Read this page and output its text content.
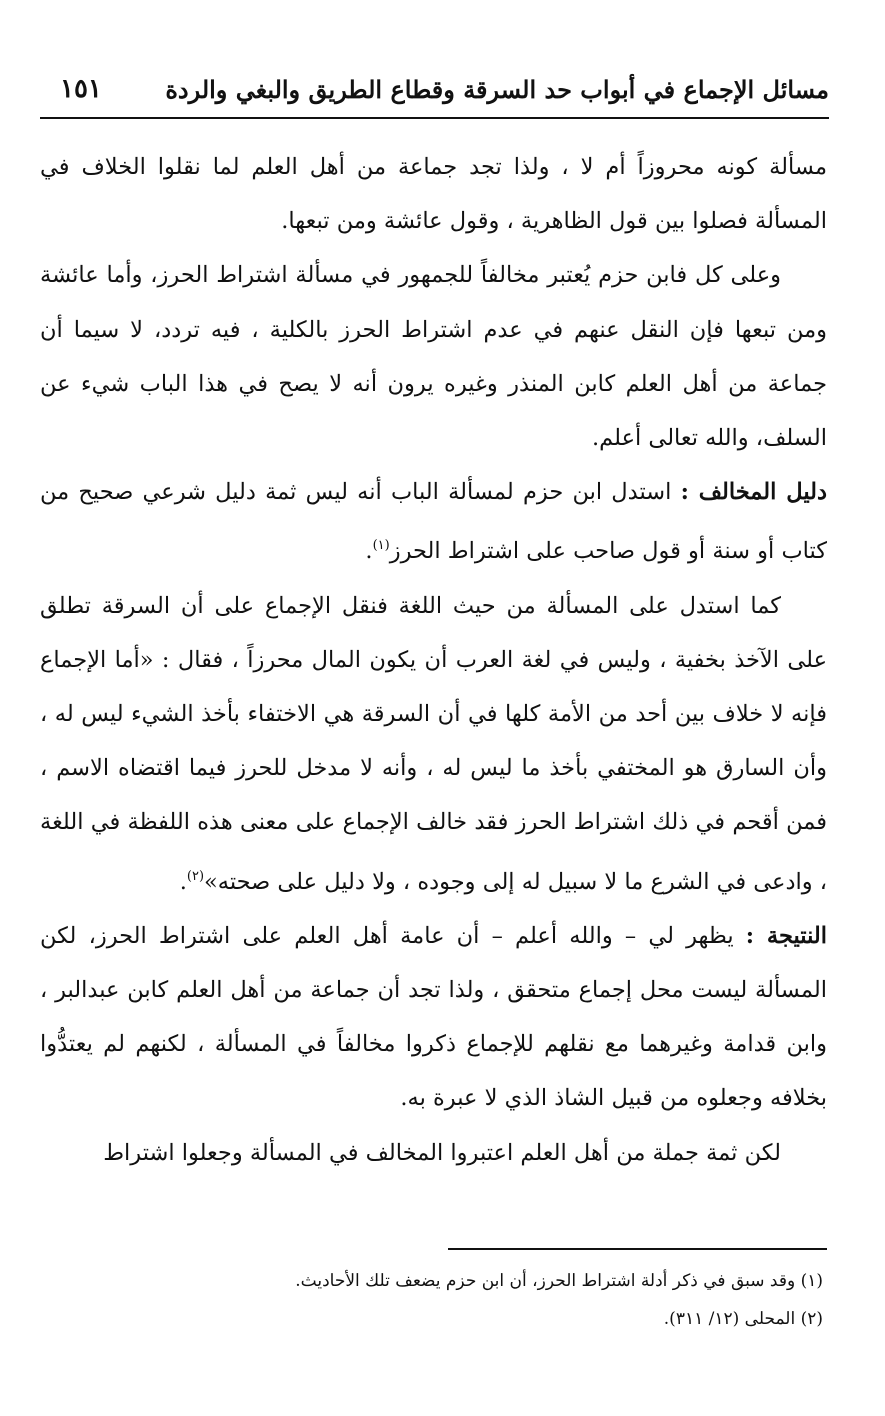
مسائل الإجماع في أبواب حد السرقة وقطاع الطريق والبغي والردة
١٥١

مسألة كونه محروزاً أم لا ، ولذا تجد جماعة من أهل العلم لما نقلوا الخلاف في المسألة فصلوا بين قول الظاهرية ، وقول عائشة ومن تبعها.

وعلى كل فابن حزم يُعتبر مخالفاً للجمهور في مسألة اشتراط الحرز، وأما عائشة ومن تبعها فإن النقل عنهم في عدم اشتراط الحرز بالكلية ، فيه تردد، لا سيما أن جماعة من أهل العلم كابن المنذر وغيره يرون أنه لا يصح في هذا الباب شيء عن السلف، والله تعالى أعلم.

دليل المخالف : استدل ابن حزم لمسألة الباب أنه ليس ثمة دليل شرعي صحيح من كتاب أو سنة أو قول صاحب على اشتراط الحرز$^{(١)}$.

كما استدل على المسألة من حيث اللغة فنقل الإجماع على أن السرقة تطلق على الآخذ بخفية ، وليس في لغة العرب أن يكون المال محرزاً ، فقال : «أما الإجماع فإنه لا خلاف بين أحد من الأمة كلها في أن السرقة هي الاختفاء بأخذ الشيء ليس له ، وأن السارق هو المختفي بأخذ ما ليس له ، وأنه لا مدخل للحرز فيما اقتضاه الاسم ، فمن أقحم في ذلك اشتراط الحرز فقد خالف الإجماع على معنى هذه اللفظة في اللغة ، وادعى في الشرع ما لا سبيل له إلى وجوده ، ولا دليل على صحته»$^{(٢)}$.

النتيجة : يظهر لي – والله أعلم – أن عامة أهل العلم على اشتراط الحرز، لكن المسألة ليست محل إجماع متحقق ، ولذا تجد أن جماعة من أهل العلم كابن عبدالبر ، وابن قدامة وغيرهما مع نقلهم للإجماع ذكروا مخالفاً في المسألة ، لكنهم لم يعتدُّوا بخلافه وجعلوه من قبيل الشاذ الذي لا عبرة به.

لكن ثمة جملة من أهل العلم اعتبروا المخالف في المسألة وجعلوا اشتراط

(١) وقد سبق في ذكر أدلة اشتراط الحرز، أن ابن حزم يضعف تلك الأحاديث.

(٢) المحلى (١٢/ ٣١١).
